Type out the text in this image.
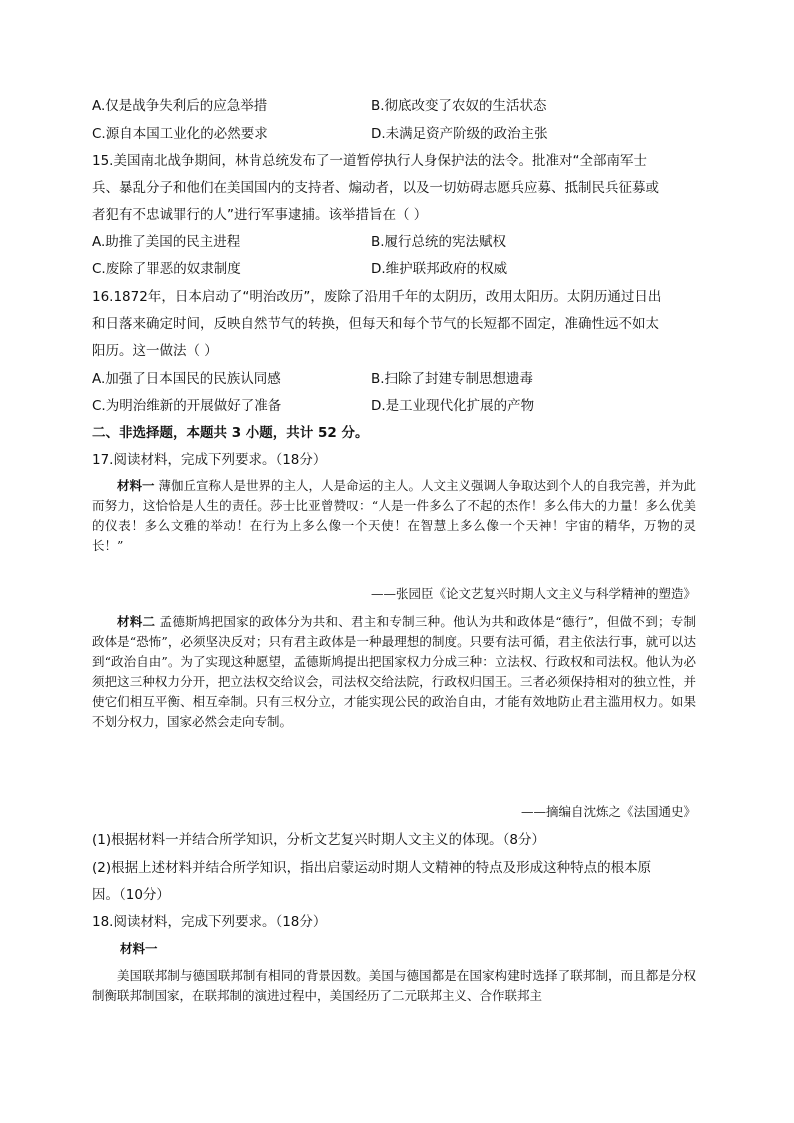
A.仅是战争失利后的应急举措	B.彻底改变了农奴的生活状态
C.源自本国工业化的必然要求	D.未满足资产阶级的政治主张
15.美国南北战争期间，林肯总统发布了一道暂停执行人身保护法的法令。批准对“全部南军士
兵、暴乱分子和他们在美国国内的支持者、煽动者，以及一切妨碍志愿兵应募、抵制民兵征募或
者犯有不忠诚罪行的人”进行军事逮捕。该举措旨在（ ）
A.助推了美国的民主进程	B.履行总统的宪法赋权
C.废除了罪恶的奴隶制度	D.维护联邦政府的权威
16.1872年，日本启动了“明治改历”，废除了沿用千年的太阴历，改用太阳历。太阴历通过日出
和日落来确定时间，反映自然节气的转换，但每天和每个节气的长短都不固定，准确性远不如太
阳历。这一做法（ ）
A.加强了日本国民的民族认同感	B.扫除了封建专制思想遗毒
C.为明治维新的开展做好了准备	D.是工业现代化扩展的产物
二、非选择题，本题共 3 小题，共计 52 分。
17.阅读材料，完成下列要求。（18分）

材料一 薄伽丘宣称人是世界的主人，人是命运的主人。人文主义强调人争取达到个人的自我完善，并为此而努力，这恰恰是人生的责任。莎士比亚曾赞叹：“人是一件多么了不起的杰作！多么伟大的力量！多么优美的仪表！多么文雅的举动！在行为上多么像一个天使！在智慧上多么像一个天神！宇宙的精华，万物的灵长！”

——张园臣《论文艺复兴时期人文主义与科学精神的塑造》

材料二 孟德斯鸠把国家的政体分为共和、君主和专制三种。他认为共和政体是“德行”，但做不到；专制政体是“恐怖”，必须坚决反对；只有君主政体是一种最理想的制度。只要有法可循，君主依法行事，就可以达到“政治自由”。为了实现这种愿望，孟德斯鸠提出把国家权力分成三种：立法权、行政权和司法权。他认为必须把这三种权力分开，把立法权交给议会，司法权交给法院，行政权归国王。三者必须保持相对的独立性，并使它们相互平衡、相互牵制。只有三权分立，才能实现公民的政治自由，才能有效地防止君主滥用权力。如果不划分权力，国家必然会走向专制。

——摘编自沈炼之《法国通史》
(1)根据材料一并结合所学知识，分析文艺复兴时期人文主义的体现。（8分）
(2)根据上述材料并结合所学知识，指出启蒙运动时期人文精神的特点及形成这种特点的根本原
因。（10分）
18.阅读材料，完成下列要求。（18分）
材料一

美国联邦制与德国联邦制有相同的背景因数。美国与德国都是在国家构建时选择了联邦制，而且都是分权制衡联邦制国家，在联邦制的演进过程中，美国经历了二元联邦主义、合作联邦主
